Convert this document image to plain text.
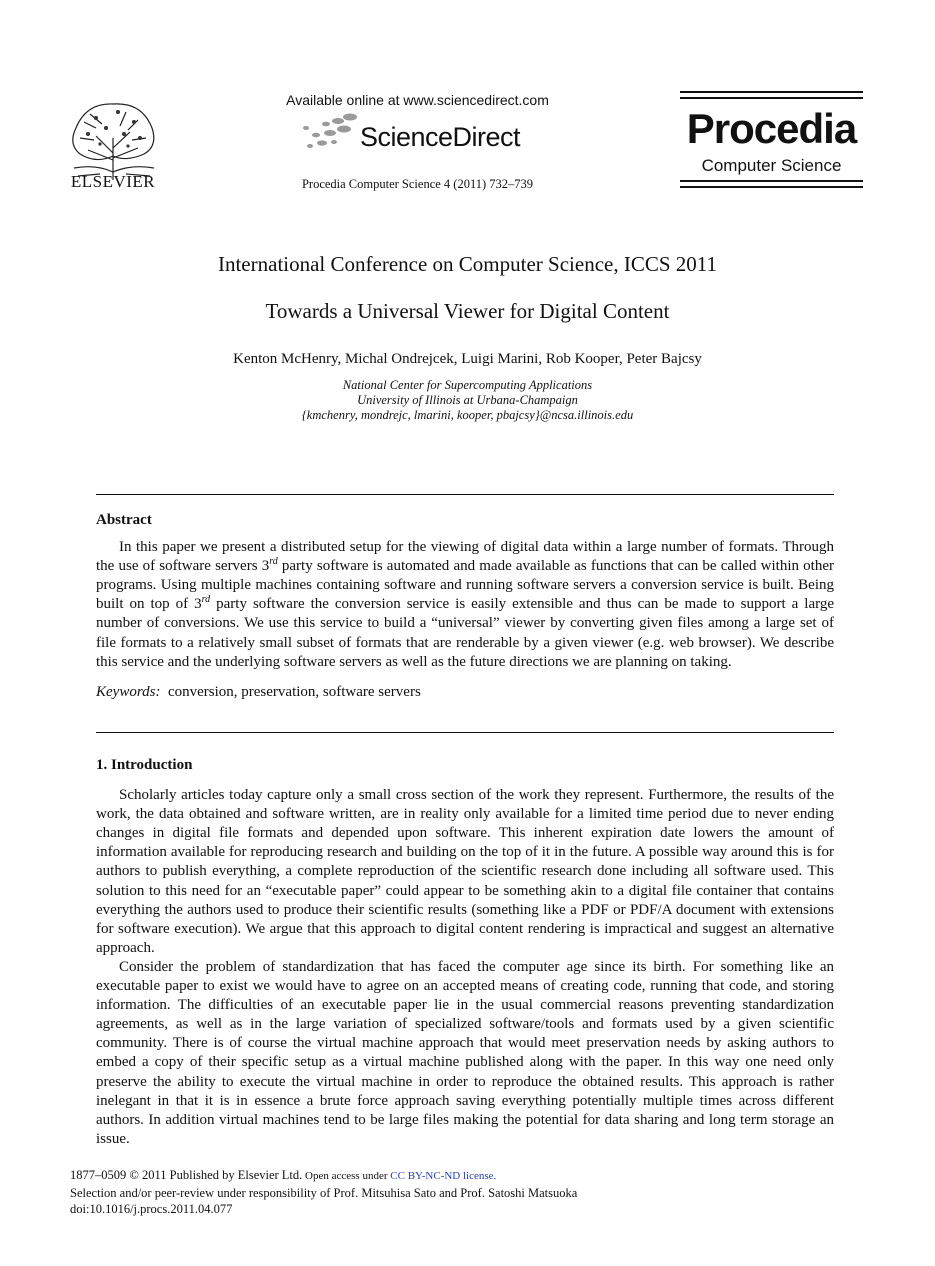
ELSEVIER
Available online at www.sciencedirect.com
ScienceDirect
Procedia Computer Science 4 (2011) 732–739
Procedia
Computer Science
International Conference on Computer Science, ICCS 2011
Towards a Universal Viewer for Digital Content
Kenton McHenry, Michal Ondrejcek, Luigi Marini, Rob Kooper, Peter Bajcsy
National Center for Supercomputing Applications
University of Illinois at Urbana-Champaign
{kmchenry, mondrejc, lmarini, kooper, pbajcsy}@ncsa.illinois.edu
Abstract

In this paper we present a distributed setup for the viewing of digital data within a large number of formats. Through the use of software servers 3rd party software is automated and made available as functions that can be called within other programs. Using multiple machines containing software and running software servers a conversion service is built. Being built on top of 3rd party software the conversion service is easily extensible and thus can be made to support a large number of conversions. We use this service to build a “universal” viewer by converting given files among a large set of file formats to a relatively small subset of formats that are renderable by a given viewer (e.g. web browser). We describe this service and the underlying software servers as well as the future directions we are planning on taking.

Keywords: conversion, preservation, software servers

1. Introduction

Scholarly articles today capture only a small cross section of the work they represent. Furthermore, the results of the work, the data obtained and software written, are in reality only available for a limited time period due to never ending changes in digital file formats and depended upon software. This inherent expiration date lowers the amount of information available for reproducing research and building on the top of it in the future. A possible way around this is for authors to publish everything, a complete reproduction of the scientific research done including all software used. This solution to this need for an “executable paper” could appear to be something akin to a digital file container that contains everything the authors used to produce their scientific results (something like a PDF or PDF/A document with extensions for software execution). We argue that this approach to digital content rendering is impractical and suggest an alternative approach.

Consider the problem of standardization that has faced the computer age since its birth. For something like an executable paper to exist we would have to agree on an accepted means of creating code, running that code, and storing information. The difficulties of an executable paper lie in the usual commercial reasons preventing standardization agreements, as well as in the large variation of specialized software/tools and formats used by a given scientific community. There is of course the virtual machine approach that would meet preservation needs by asking authors to embed a copy of their specific setup as a virtual machine published along with the paper. In this way one need only preserve the ability to execute the virtual machine in order to reproduce the obtained results. This approach is rather inelegant in that it is in essence a brute force approach saving everything potentially multiple times across different authors. In addition virtual machines tend to be large files making the potential for data sharing and long term storage an issue.

1877–0509 © 2011 Published by Elsevier Ltd. Open access under CC BY-NC-ND license.
Selection and/or peer-review under responsibility of Prof. Mitsuhisa Sato and Prof. Satoshi Matsuoka
doi:10.1016/j.procs.2011.04.077
